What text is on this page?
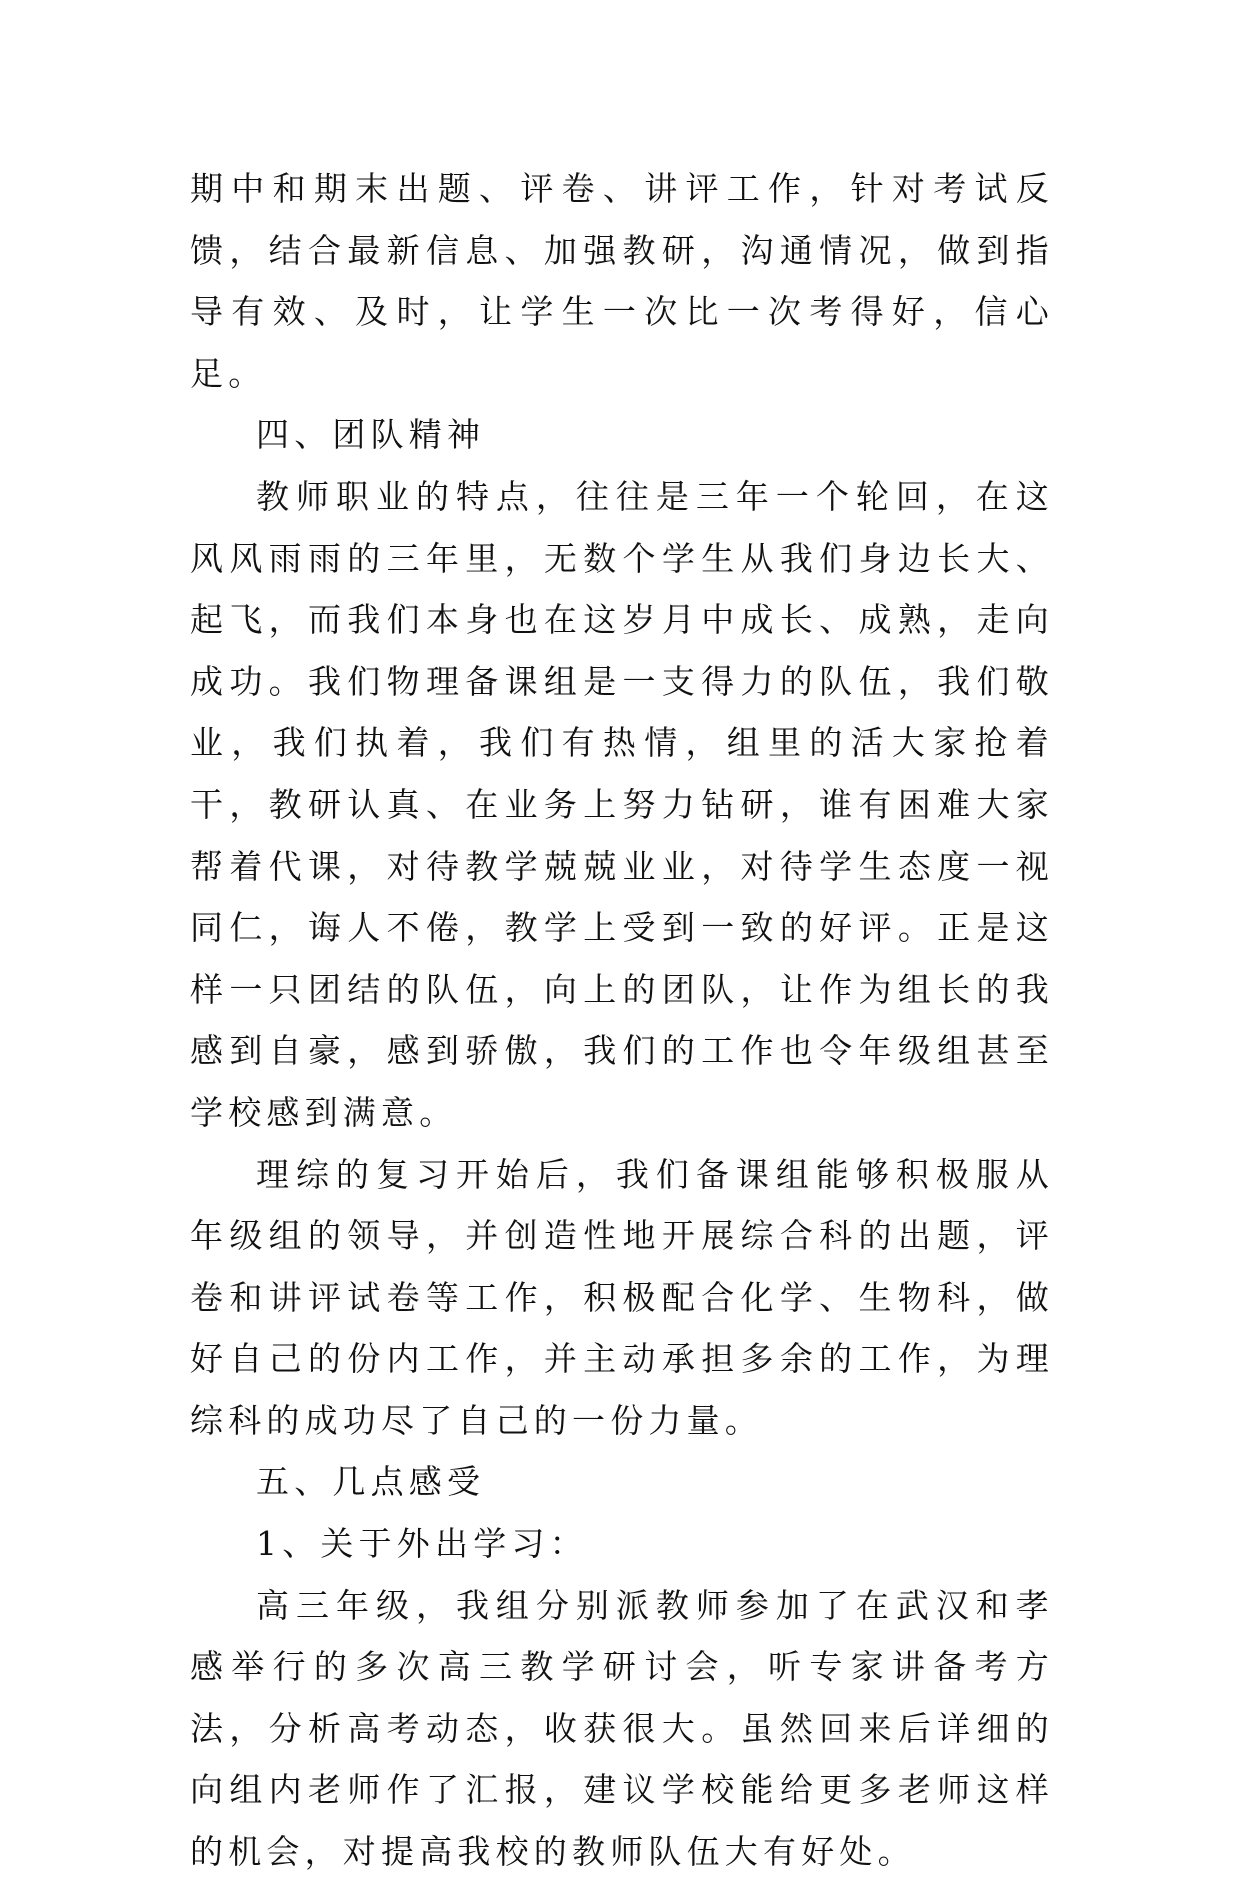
期中和期末出题、评卷、讲评工作，针对考试反馈，结合最新信息、加强教研，沟通情况，做到指导有效、及时，让学生一次比一次考得好，信心足。

四、团队精神

教师职业的特点，往往是三年一个轮回，在这风风雨雨的三年里，无数个学生从我们身边长大、起飞，而我们本身也在这岁月中成长、成熟，走向成功。我们物理备课组是一支得力的队伍，我们敬业，我们执着，我们有热情，组里的活大家抢着干，教研认真、在业务上努力钻研，谁有困难大家帮着代课，对待教学兢兢业业，对待学生态度一视同仁，诲人不倦，教学上受到一致的好评。正是这样一只团结的队伍，向上的团队，让作为组长的我感到自豪，感到骄傲，我们的工作也令年级组甚至学校感到满意。

理综的复习开始后，我们备课组能够积极服从年级组的领导，并创造性地开展综合科的出题，评卷和讲评试卷等工作，积极配合化学、生物科，做好自己的份内工作，并主动承担多余的工作，为理综科的成功尽了自己的一份力量。

五、几点感受

1、关于外出学习：

高三年级，我组分别派教师参加了在武汉和孝感举行的多次高三教学研讨会，听专家讲备考方法，分析高考动态，收获很大。虽然回来后详细的向组内老师作了汇报，建议学校能给更多老师这样的机会，对提高我校的教师队伍大有好处。
